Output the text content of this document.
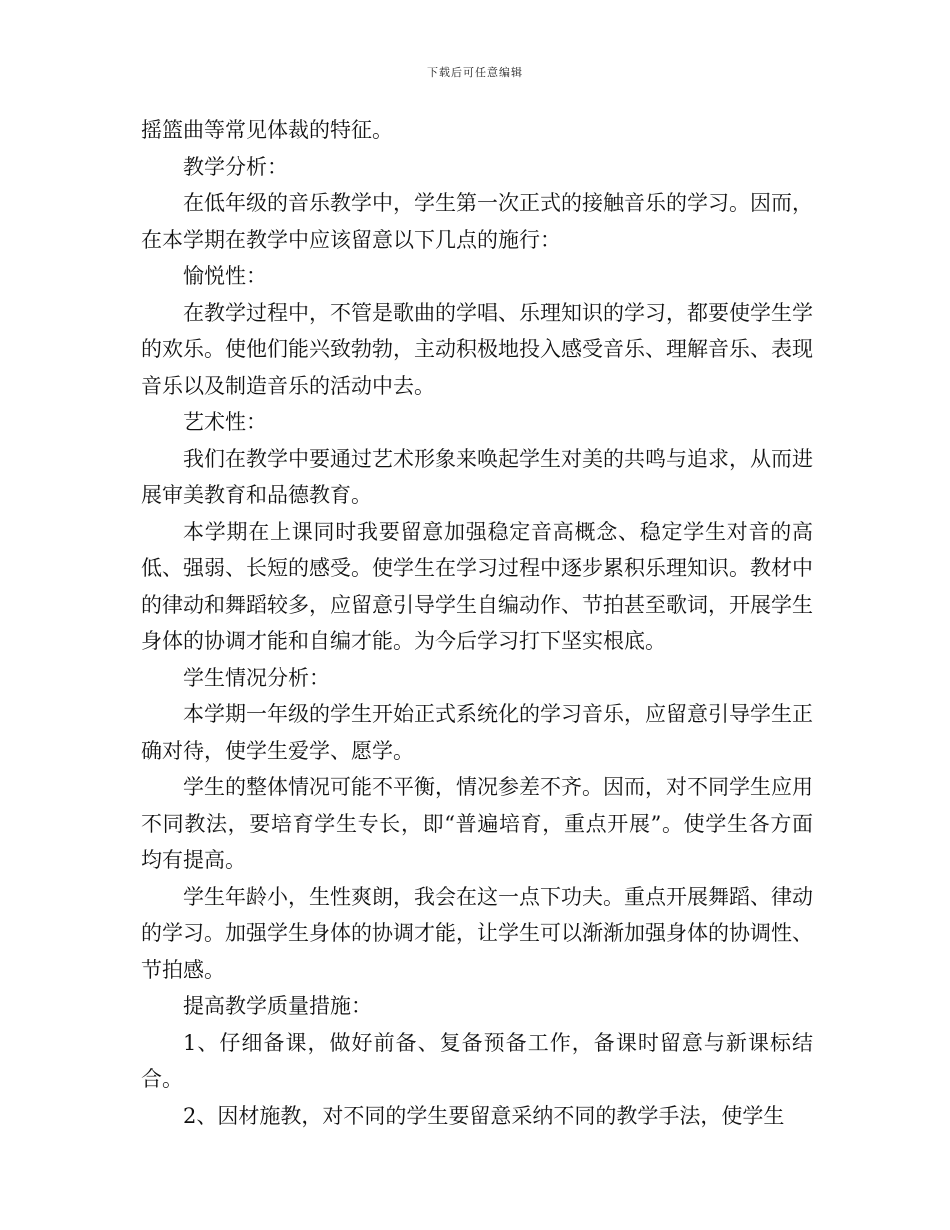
下载后可任意编辑

摇篮曲等常见体裁的特征。

教学分析：

在低年级的音乐教学中，学生第一次正式的接触音乐的学习。因而，在本学期在教学中应该留意以下几点的施行：

愉悦性：

在教学过程中，不管是歌曲的学唱、乐理知识的学习，都要使学生学的欢乐。使他们能兴致勃勃，主动积极地投入感受音乐、理解音乐、表现音乐以及制造音乐的活动中去。

艺术性：

我们在教学中要通过艺术形象来唤起学生对美的共鸣与追求，从而进展审美教育和品德教育。

本学期在上课同时我要留意加强稳定音高概念、稳定学生对音的高低、强弱、长短的感受。使学生在学习过程中逐步累积乐理知识。教材中的律动和舞蹈较多，应留意引导学生自编动作、节拍甚至歌词，开展学生身体的协调才能和自编才能。为今后学习打下坚实根底。

学生情况分析：

本学期一年级的学生开始正式系统化的学习音乐，应留意引导学生正确对待，使学生爱学、愿学。

学生的整体情况可能不平衡，情况参差不齐。因而，对不同学生应用不同教法，要培育学生专长，即“普遍培育，重点开展”。使学生各方面均有提高。

学生年龄小，生性爽朗，我会在这一点下功夫。重点开展舞蹈、律动的学习。加强学生身体的协调才能，让学生可以渐渐加强身体的协调性、节拍感。

提高教学质量措施：

1、仔细备课，做好前备、复备预备工作，备课时留意与新课标结合。

2、因材施教，对不同的学生要留意采纳不同的教学手法，使学生
